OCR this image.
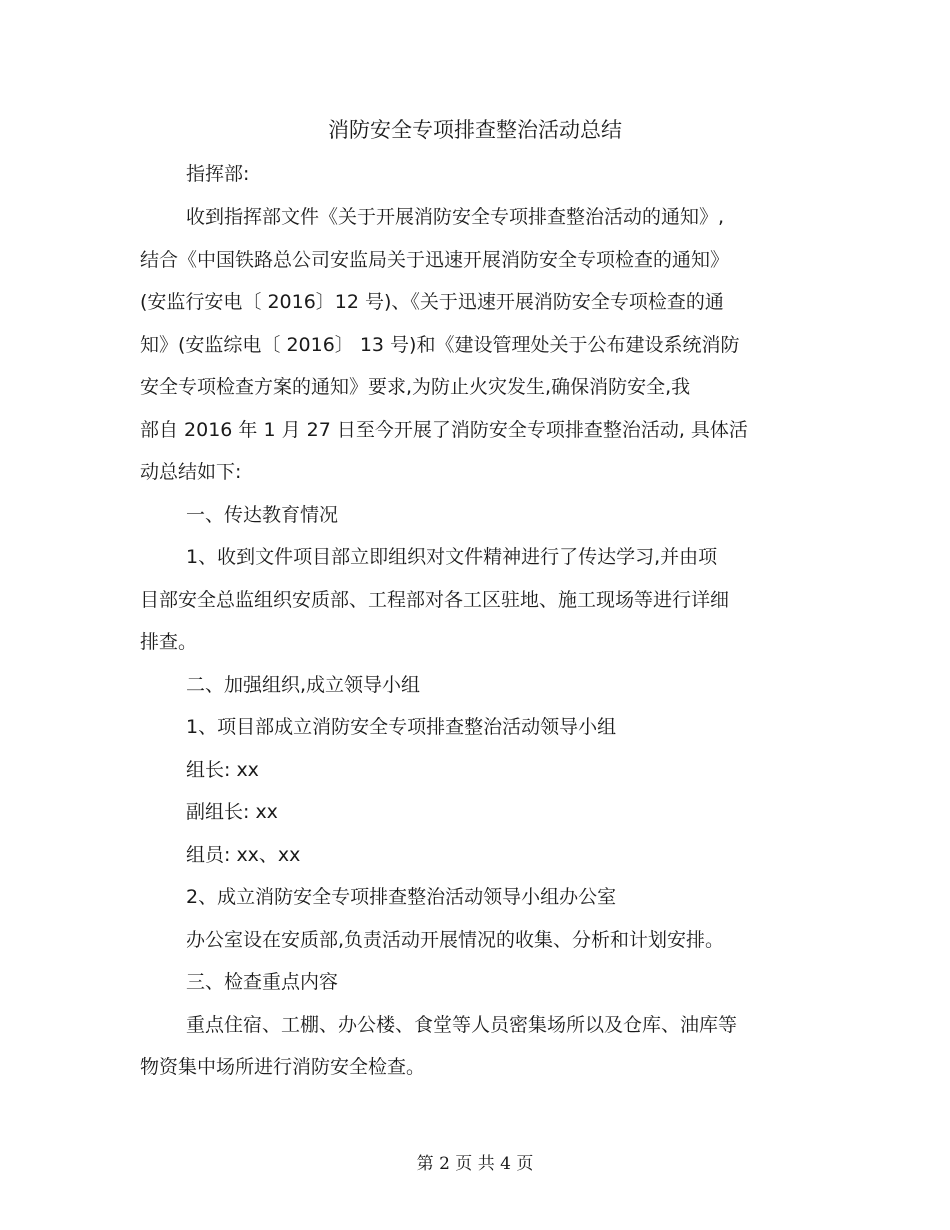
消防安全专项排查整治活动总结
指挥部:
收到指挥部文件《关于开展消防安全专项排查整治活动的通知》,
结合《中国铁路总公司安监局关于迅速开展消防安全专项检查的通知》
(安监行安电〔 2016〕12 号)、《关于迅速开展消防安全专项检查的通
知》(安监综电〔 2016〕 13 号)和《建设管理处关于公布建设系统消防
安全专项检查方案的通知》要求,为防止火灾发生,确保消防安全,我
部自 2016 年 1 月 27 日至今开展了消防安全专项排查整治活动, 具体活
动总结如下:
一、传达教育情况
1、收到文件项目部立即组织对文件精神进行了传达学习,并由项
目部安全总监组织安质部、工程部对各工区驻地、施工现场等进行详细
排查。
二、加强组织,成立领导小组
1、项目部成立消防安全专项排查整治活动领导小组
组长: xx
副组长: xx
组员: xx、xx
2、成立消防安全专项排查整治活动领导小组办公室
办公室设在安质部,负责活动开展情况的收集、分析和计划安排。
三、检查重点内容
重点住宿、工棚、办公楼、食堂等人员密集场所以及仓库、油库等
物资集中场所进行消防安全检查。
第 2 页 共 4 页
